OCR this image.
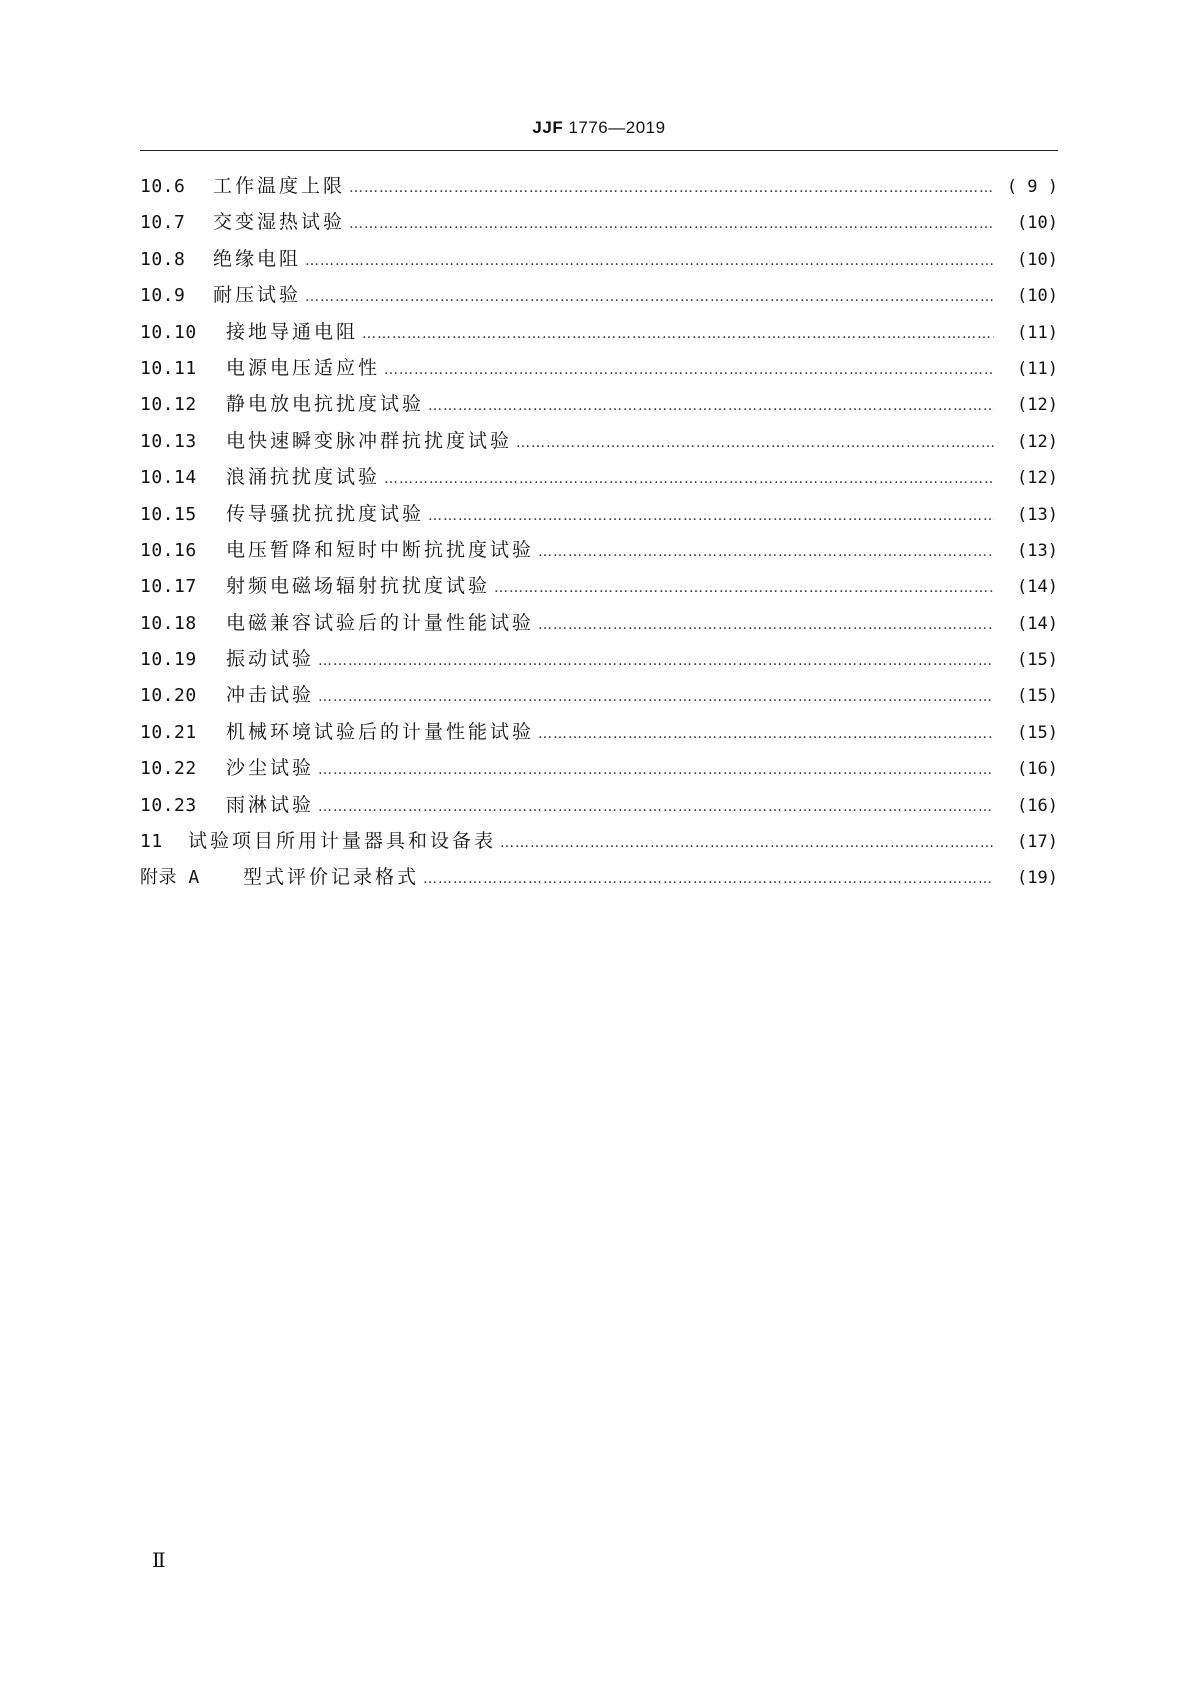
JJF 1776—2019
10.6	工作温度上限 ………………………………………………………………………………………………………………………………………………………………………………………………………………………	( 9 )
10.7	交变湿热试验 ………………………………………………………………………………………………………………………………………………………………………………………………………………………	(10)
10.8	绝缘电阻 ………………………………………………………………………………………………………………………………………………………………………………………………………………………	(10)
10.9	耐压试验 ………………………………………………………………………………………………………………………………………………………………………………………………………………………	(10)
10.10	接地导通电阻 ………………………………………………………………………………………………………………………………………………………………………………………………………………………	(11)
10.11	电源电压适应性 ………………………………………………………………………………………………………………………………………………………………………………………………………………………	(11)
10.12	静电放电抗扰度试验 ………………………………………………………………………………………………………………………………………………………………………………………………………………………	(12)
10.13	电快速瞬变脉冲群抗扰度试验 ………………………………………………………………………………………………………………………………………………………………………………………………………………………	(12)
10.14	浪涌抗扰度试验 ………………………………………………………………………………………………………………………………………………………………………………………………………………………	(12)
10.15	传导骚扰抗扰度试验 ………………………………………………………………………………………………………………………………………………………………………………………………………………………	(13)
10.16	电压暂降和短时中断抗扰度试验 ………………………………………………………………………………………………………………………………………………………………………………………………………………………	(13)
10.17	射频电磁场辐射抗扰度试验 ………………………………………………………………………………………………………………………………………………………………………………………………………………………	(14)
10.18	电磁兼容试验后的计量性能试验 ………………………………………………………………………………………………………………………………………………………………………………………………………………………	(14)
10.19	振动试验 ………………………………………………………………………………………………………………………………………………………………………………………………………………………	(15)
10.20	冲击试验 ………………………………………………………………………………………………………………………………………………………………………………………………………………………	(15)
10.21	机械环境试验后的计量性能试验 ………………………………………………………………………………………………………………………………………………………………………………………………………………………	(15)
10.22	沙尘试验 ………………………………………………………………………………………………………………………………………………………………………………………………………………………	(16)
10.23	雨淋试验 ………………………………………………………………………………………………………………………………………………………………………………………………………………………	(16)
11	试验项目所用计量器具和设备表 ………………………………………………………………………………………………………………………………………………………………………………………………………………………	(17)
附录 A	型式评价记录格式 ………………………………………………………………………………………………………………………………………………………………………………………………………………………	(19)
Ⅱ
